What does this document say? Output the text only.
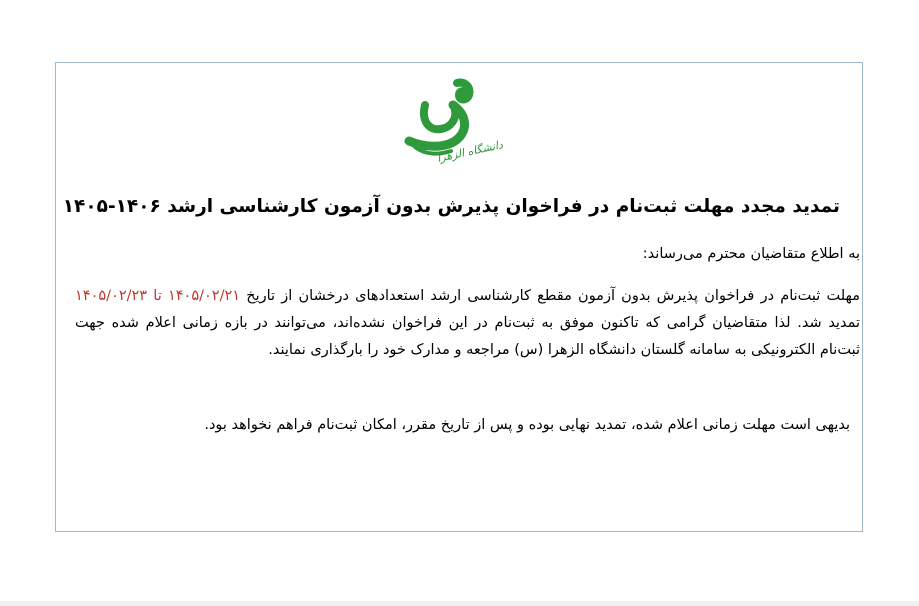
دانشگاه الزهرا
تمدید مجدد مهلت ثبت‌نام در فراخوان پذیرش بدون آزمون کارشناسی ارشد ۱۴۰۶-۱۴۰۵
به اطلاع متقاضیان محترم می‌رساند:
مهلت ثبت‌نام در فراخوان پذیرش بدون آزمون مقطع کارشناسی ارشد استعدادهای درخشان از تاریخ ۱۴۰۵/۰۲/۲۱ تا ۱۴۰۵/۰۲/۲۳ تمدید شد. لذا متقاضیان گرامی که تاکنون موفق به ثبت‌نام در این فراخوان نشده‌اند، می‌توانند در بازه زمانی اعلام شده جهت ثبت‌نام الکترونیکی به سامانه گلستان دانشگاه الزهرا (س) مراجعه و مدارک خود را بارگذاری نمایند.
بدیهی است مهلت زمانی اعلام شده، تمدید نهایی بوده و پس از تاریخ مقرر، امکان ثبت‌نام فراهم نخواهد بود.
